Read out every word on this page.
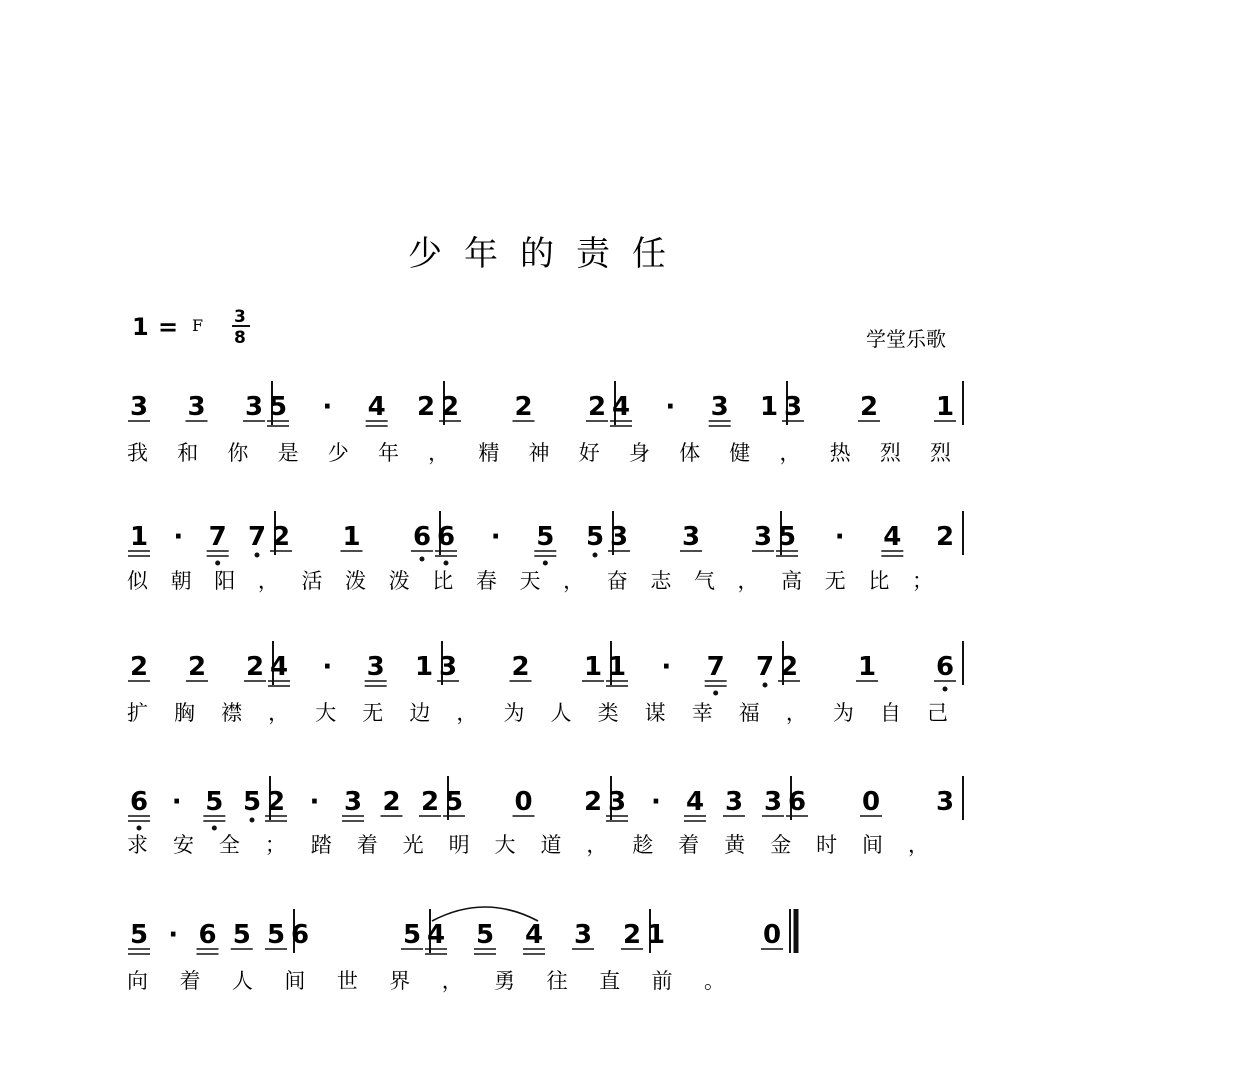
少年的责任
1 = F 3
8	学堂乐歌
3 3 3 5 · 4 2 2 2 2 4 · 3 1 3 2 1
我 和 你 是 少 年 ， 精 神 好 身 体 健 ， 热 烈 烈
1 · 7 7 2 1 6 6 · 5 5 3 3 3 5 · 4 2
似 朝 阳 ， 活 泼 泼 比 春 天 ， 奋 志 气 ， 高 无 比 ；
2 2 2 4 · 3 1 3 2 1 1 · 7 7 2 1 6
扩 胸 襟 ， 大 无 边 ， 为 人 类 谋 幸 福 ， 为 自 己
6 · 5 5 2 · 3 2 2 5 0 2 3 · 4 3 3 6 0 3
求 安 全 ； 踏 着 光 明 大 道 ， 趁 着 黄 金 时 间 ，
5 · 6 5 5 6	5 4 5 4 3 2 1	0
向 着 人 间 世 界 ， 勇 往 直 前 。
